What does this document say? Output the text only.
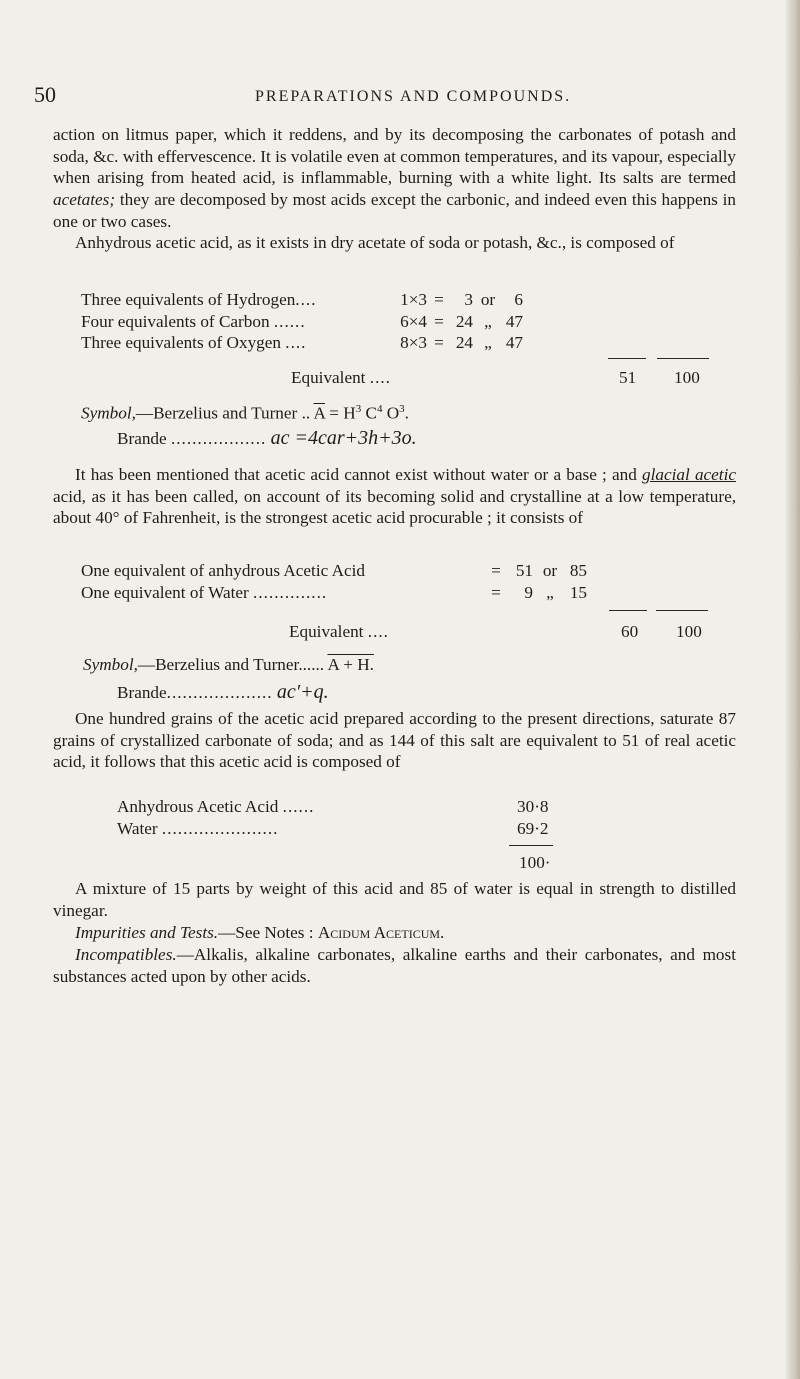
50	PREPARATIONS AND COMPOUNDS.

action on litmus paper, which it reddens, and by its decomposing the carbonates of potash and soda, &c. with effervescence. It is volatile even at common temperatures, and its vapour, especially when arising from heated acid, is inflammable, burning with a white light. Its salts are termed acetates; they are decomposed by most acids except the carbonic, and indeed even this happens in one or two cases.

Anhydrous acetic acid, as it exists in dry acetate of soda or potash, &c., is composed of

Three equivalents of Hydrogen....	1×3	=	3	or	6
Four equivalents of Carbon ......	6×4	=	24	„	47
Three equivalents of Oxygen ....	8×3	=	24	„	47
Equivalent ....	51 100
Symbol,—Berzelius and Turner .. $\overline{A} = H^3$ $C^4$ $O^3$.
Brande .................. ac =4car+3h+3o.

It has been mentioned that acetic acid cannot exist without water or a base ; and glacial acetic acid, as it has been called, on account of its becoming solid and crystalline at a low temperature, about 40° of Fahrenheit, is the strongest acetic acid procurable ; it consists of

One equivalent of anhydrous Acetic Acid	=	51	or	85
One equivalent of Water ..............	=	9	„	15
Equivalent ....	60 100
Symbol,—Berzelius and Turner...... A + H.
Brande.................... ac′+q.

One hundred grains of the acetic acid prepared according to the present directions, saturate 87 grains of crystallized carbonate of soda; and as 144 of this salt are equivalent to 51 of real acetic acid, it follows that this acetic acid is composed of

Anhydrous Acetic Acid ......	30·8
Water ......................	69·2
100·

A mixture of 15 parts by weight of this acid and 85 of water is equal in strength to distilled vinegar.

Impurities and Tests.—See Notes : Acidum Aceticum.

Incompatibles.—Alkalis, alkaline carbonates, alkaline earths and their carbonates, and most substances acted upon by other acids.
